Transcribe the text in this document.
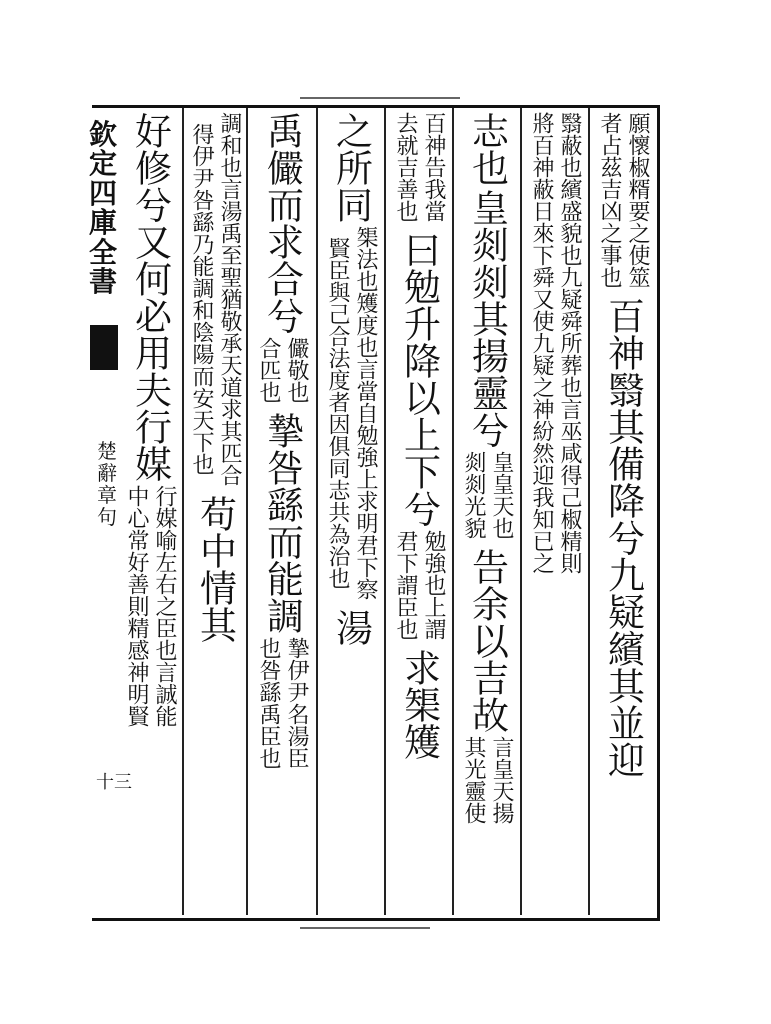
欽定四庫全書
楚辭章句
十三
願懷椒糈要之使筮
者占茲吉凶之事也
百神翳其備降兮九疑繽其並迎
翳蔽也繽盛貌也九疑舜所葬也言巫咸得己椒精則
將百神蔽日來下舜又使九疑之神紛然迎我知已之
志也
皇剡剡其揚靈兮
皇皇天也
剡剡光貌
告余以吉故
言皇天揚
其光靈使
百神告我當
去就吉善也
曰勉升降以上下兮
勉強也上謂
君下謂臣也
求榘矱
之所同
榘法也矱度也言當自勉強上求明君下察
賢臣與己合法度者因俱同志共為治也
湯
禹儼而求合兮
儼敬也
合匹也
摯咎繇而能調
摯伊尹名湯臣
也咎繇禹臣也
調和也言湯禹至聖猶敬承天道求其匹合
得伊尹咎繇乃能調和陰陽而安天下也
苟中情其
好修兮又何必用夫行媒
行媒喻左右之臣也言誠能
中心常好善則精感神明賢
